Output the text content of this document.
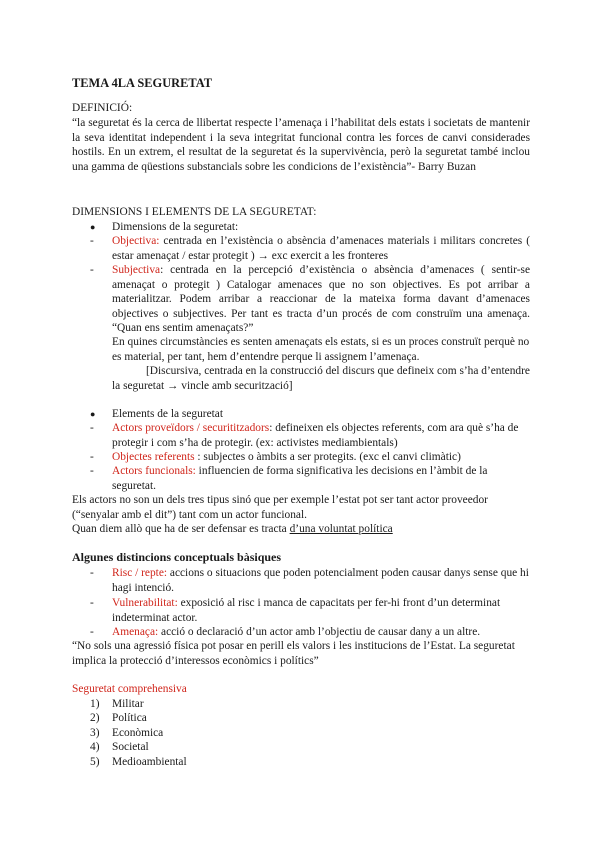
TEMA 4LA SEGURETAT
DEFINICIÓ:
“la seguretat és la cerca de llibertat respecte l’amenaça i l’habilitat dels estats i societats de mantenir la seva identitat independent i la seva integritat funcional contra les forces de canvi considerades hostils. En un extrem, el resultat de la seguretat és la supervivència, però la seguretat també inclou una gamma de qüestions substancials sobre les condicions de l’existència”- Barry Buzan
DIMENSIONS I ELEMENTS DE LA SEGURETAT:
● Dimensions de la seguretat:
- Objectiva: centrada en l’existència o absència d’amenaces materials i militars concretes ( estar amenaçat / estar protegit ) → exc exercit a les fronteres
- Subjectiva: centrada en la percepció d’existència o absència d’amenaces ( sentir-se amenaçat o protegit ) Catalogar amenaces que no son objectives. Es pot arribar a materialitzar. Podem arribar a reaccionar de la mateixa forma davant d’amenaces objectives o subjectives. Per tant es tracta d’un procés de com construïm una amenaça. “Quan ens sentim amenaçats?”
En quines circumstàncies es senten amenaçats els estats, si es un proces construït perquè no es material, per tant, hem d’entendre perque li assignem l’amenaça.
[Discursiva, centrada en la construcció del discurs que defineix com s’ha d’entendre la seguretat → vincle amb securització]
● Elements de la seguretat
- Actors proveïdors / securititzadors: defineixen els objectes referents, com ara què s’ha de protegir i com s’ha de protegir. (ex: activistes mediambientals)
- Objectes referents : subjectes o àmbits a ser protegits. (exc el canvi climàtic)
- Actors funcionals: influencien de forma significativa les decisions en l’àmbit de la seguretat.
Els actors no son un dels tres tipus sinó que per exemple l’estat pot ser tant actor proveedor (“senyalar amb el dit”) tant com un actor funcional.
Quan diem allò que ha de ser defensar es tracta d’una voluntat política
Algunes distincions conceptuals bàsiques
- Risc / repte: accions o situacions que poden potencialment poden causar danys sense que hi hagi intenció.
- Vulnerabilitat: exposició al risc i manca de capacitats per fer-hi front d’un determinat indeterminat actor.
- Amenaça: acció o declaració d’un actor amb l’objectiu de causar dany a un altre.
“No sols una agressió física pot posar en perill els valors i les institucions de l’Estat. La seguretat implica la protecció d’interessos econòmics i polítics”
Seguretat comprehensiva
1)	Militar
2)	Política
3)	Econòmica
4)	Societal
5)	Medioambiental
